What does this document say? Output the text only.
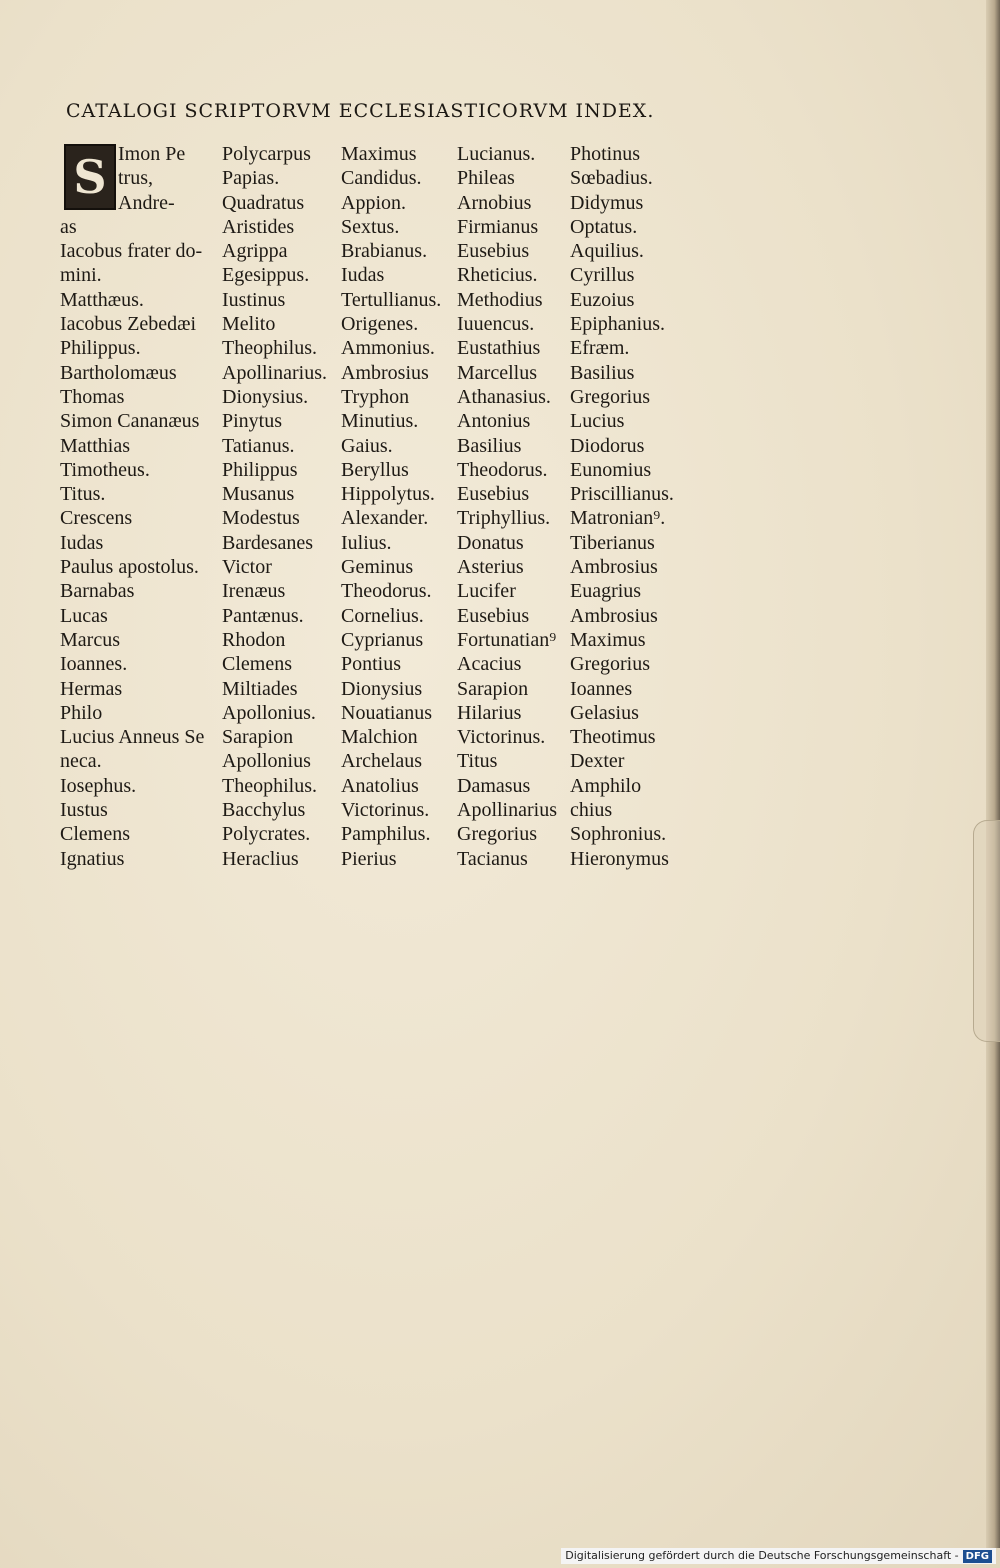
CATALOGI SCRIPTORVM ECCLESIASTICORVM INDEX.
S Imon Pe
trus,
Andre-
as
Iacobus frater do-
mini.
Matthæus.
Iacobus Zebedæi
Philippus.
Bartholomæus
Thomas
Simon Cananæus
Matthias
Timotheus.
Titus.
Crescens
Iudas
Paulus apostolus.
Barnabas
Lucas
Marcus
Ioannes.
Hermas
Philo
Lucius Anneus Se
neca.
Iosephus.
Iustus
Clemens
Ignatius
Polycarpus
Papias.
Quadratus
Aristides
Agrippa
Egesippus.
Iustinus
Melito
Theophilus.
Apollinarius.
Dionysius.
Pinytus
Tatianus.
Philippus
Musanus
Modestus
Bardesanes
Victor
Irenæus
Pantænus.
Rhodon
Clemens
Miltiades
Apollonius.
Sarapion
Apollonius
Theophilus.
Bacchylus
Polycrates.
Heraclius
Maximus
Candidus.
Appion.
Sextus.
Brabianus.
Iudas
Tertullianus.
Origenes.
Ammonius.
Ambrosius
Tryphon
Minutius.
Gaius.
Beryllus
Hippolytus.
Alexander.
Iulius.
Geminus
Theodorus.
Cornelius.
Cyprianus
Pontius
Dionysius
Nouatianus
Malchion
Archelaus
Anatolius
Victorinus.
Pamphilus.
Pierius
Lucianus.
Phileas
Arnobius
Firmianus
Eusebius
Rheticius.
Methodius
Iuuencus.
Eustathius
Marcellus
Athanasius.
Antonius
Basilius
Theodorus.
Eusebius
Triphyllius.
Donatus
Asterius
Lucifer
Eusebius
Fortunatian⁹
Acacius
Sarapion
Hilarius
Victorinus.
Titus
Damasus
Apollinarius
Gregorius
Tacianus
Photinus
Sœbadius.
Didymus
Optatus.
Aquilius.
Cyrillus
Euzoius
Epiphanius.
Efræm.
Basilius
Gregorius
Lucius
Diodorus
Eunomius
Priscillianus.
Matronian⁹.
Tiberianus
Ambrosius
Euagrius
Ambrosius
Maximus
Gregorius
Ioannes
Gelasius
Theotimus
Dexter
Amphilo
chius
Sophronius.
Hieronymus
Digitalisierung gefördert durch die Deutsche Forschungsgemeinschaft - DFG
